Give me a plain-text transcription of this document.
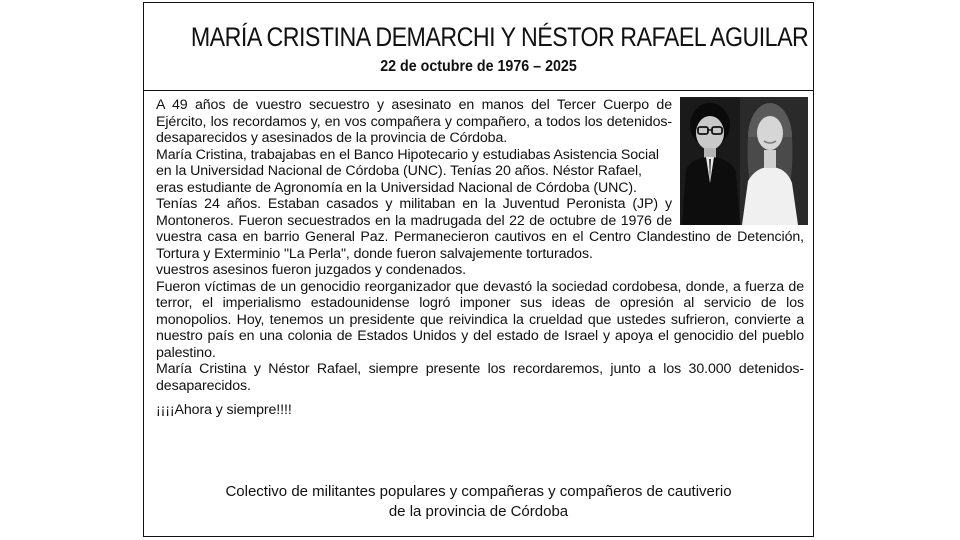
MARÍA CRISTINA DEMARCHI Y NÉSTOR RAFAEL AGUILAR
22 de octubre de 1976 – 2025

A 49 años de vuestro secuestro y asesinato en manos del Tercer Cuerpo de Ejército, los recordamos y, en vos compañera y compañero, a todos los detenidos-desaparecidos y asesinados de la provincia de Córdoba.

María Cristina, trabajabas en el Banco Hipotecario y estudiabas Asistencia Social en la Universidad Nacional de Córdoba (UNC). Tenías 20 años. Néstor Rafael, eras estudiante de Agronomía en la Universidad Nacional de Córdoba (UNC).

Tenías 24 años. Estaban casados y militaban en la Juventud Peronista (JP) y Montoneros. Fueron secuestrados en la madrugada del 22 de octubre de 1976 de vuestra casa en barrio General Paz. Permanecieron cautivos en el Centro Clandestino de Detención, Tortura y Exterminio "La Perla", donde fueron salvajemente torturados.

vuestros asesinos fueron juzgados y condenados.

Fueron víctimas de un genocidio reorganizador que devastó la sociedad cordobesa, donde, a fuerza de terror, el imperialismo estadounidense logró imponer sus ideas de opresión al servicio de los monopolios. Hoy, tenemos un presidente que reivindica la crueldad que ustedes sufrieron, convierte a nuestro país en una colonia de Estados Unidos y del estado de Israel y apoya el genocidio del pueblo palestino.

María Cristina y Néstor Rafael, siempre presente los recordaremos, junto a los 30.000 detenidos-desaparecidos.

¡¡¡¡Ahora y siempre!!!!

Colectivo de militantes populares y compañeras y compañeros de cautiverio
de la provincia de Córdoba
